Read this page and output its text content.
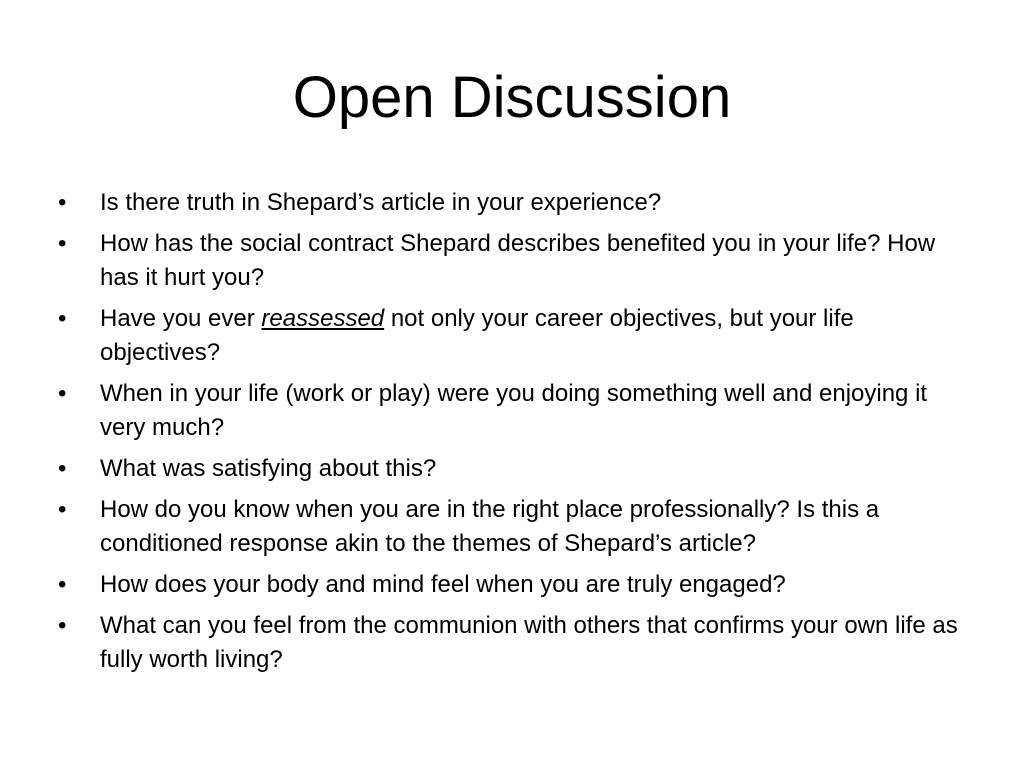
Open Discussion
•	Is there truth in Shepard’s article in your experience?
•	How has the social contract Shepard describes benefited you in your life? How has it hurt you?
•	Have you ever reassessed not only your career objectives, but your life objectives?
•	When in your life (work or play) were you doing something well and enjoying it very much?
•	What was satisfying about this?
•	How do you know when you are in the right place professionally? Is this a conditioned response akin to the themes of Shepard’s article?
•	How does your body and mind feel when you are truly engaged?
•	What can you feel from the communion with others that confirms your own life as fully worth living?
